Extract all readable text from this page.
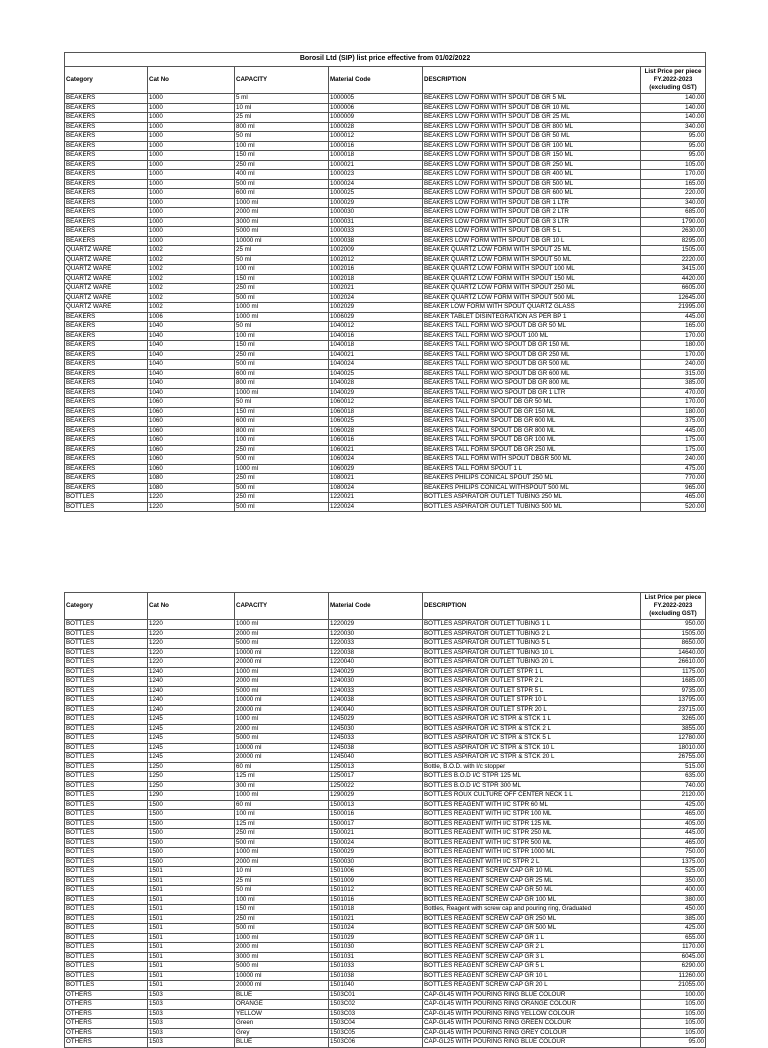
Borosil Ltd (SIP) list price effective from 01/02/2022					
Category	Cat No	CAPACITY	Material Code	DESCRIPTION	List Price per piece FY.2022-2023 (excluding GST)
BEAKERS	1000	5 ml	1000005	BEAKERS LOW FORM WITH SPOUT DB GR 5 ML	140.00
BEAKERS	1000	10 ml	1000006	BEAKERS LOW FORM WITH SPOUT DB GR 10 ML	140.00
BEAKERS	1000	25 ml	1000009	BEAKERS LOW FORM WITH SPOUT DB GR 25 ML	140.00
BEAKERS	1000	800 ml	1000028	BEAKERS LOW FORM WITH SPOUT DB GR 800 ML	340.00
BEAKERS	1000	50 ml	1000012	BEAKERS LOW FORM WITH SPOUT DB GR 50 ML	95.00
BEAKERS	1000	100 ml	1000016	BEAKERS LOW FORM WITH SPOUT DB GR 100 ML	95.00
BEAKERS	1000	150 ml	1000018	BEAKERS LOW FORM WITH SPOUT DB GR 150 ML	95.00
BEAKERS	1000	250 ml	1000021	BEAKERS LOW FORM WITH SPOUT DB GR 250 ML	105.00
BEAKERS	1000	400 ml	1000023	BEAKERS LOW FORM WITH SPOUT DB GR 400 ML	170.00
BEAKERS	1000	500 ml	1000024	BEAKERS LOW FORM WITH SPOUT DB GR 500 ML	165.00
BEAKERS	1000	600 ml	1000025	BEAKERS LOW FORM WITH SPOUT DB GR 600 ML	220.00
BEAKERS	1000	1000 ml	1000029	BEAKERS LOW FORM WITH SPOUT DB GR 1 LTR	340.00
BEAKERS	1000	2000 ml	1000030	BEAKERS LOW FORM WITH SPOUT DB GR 2 LTR	685.00
BEAKERS	1000	3000 ml	1000031	BEAKERS LOW FORM WITH SPOUT DB GR 3 LTR	1790.00
BEAKERS	1000	5000 ml	1000033	BEAKERS LOW FORM WITH SPOUT DB GR 5 L	2630.00
BEAKERS	1000	10000 ml	1000038	BEAKERS LOW FORM WITH SPOUT DB GR 10 L	8295.00
QUARTZ WARE	1002	25 ml	1002009	BEAKER QUARTZ LOW FORM WITH SPOUT 25 ML	1505.00
QUARTZ WARE	1002	50 ml	1002012	BEAKER QUARTZ LOW FORM WITH SPOUT 50 ML	2220.00
QUARTZ WARE	1002	100 ml	1002016	BEAKER QUARTZ LOW FORM WITH SPOUT 100 ML	3415.00
QUARTZ WARE	1002	150 ml	1002018	BEAKER QUARTZ LOW FORM WITH SPOUT 150 ML	4420.00
QUARTZ WARE	1002	250 ml	1002021	BEAKER QUARTZ LOW FORM WITH SPOUT 250 ML	6605.00
QUARTZ WARE	1002	500 ml	1002024	BEAKER QUARTZ LOW FORM WITH SPOUT 500 ML	12645.00
QUARTZ WARE	1002	1000 ml	1002029	BEAKER LOW FORM WITH SPOUT QUARTZ GLASS	21995.00
BEAKERS	1006	1000 ml	1006029	BEAKER TABLET DISINTEGRATION AS PER BP 1	445.00
BEAKERS	1040	50 ml	1040012	BEAKERS TALL FORM W/O SPOUT DB GR 50 ML	165.00
BEAKERS	1040	100 ml	1040016	BEAKERS TALL FORM W/O SPOUT 100 ML	170.00
BEAKERS	1040	150 ml	1040018	BEAKERS TALL FORM W/O SPOUT DB GR 150 ML	180.00
BEAKERS	1040	250 ml	1040021	BEAKERS TALL FORM W/O SPOUT DB GR 250 ML	170.00
BEAKERS	1040	500 ml	1040024	BEAKERS TALL FORM W/O SPOUT DB GR 500 ML	240.00
BEAKERS	1040	600 ml	1040025	BEAKERS TALL FORM W/O SPOUT DB GR 600 ML	315.00
BEAKERS	1040	800 ml	1040028	BEAKERS TALL FORM W/O SPOUT DB GR 800 ML	385.00
BEAKERS	1040	1000 ml	1040029	BEAKERS TALL FORM W/O SPOUT DB GR 1 LTR	470.00
BEAKERS	1060	50 ml	1060012	BEAKERS TALL FORM SPOUT DB GR 50 ML	170.00
BEAKERS	1060	150 ml	1060018	BEAKERS TALL FORM SPOUT DB GR 150 ML	180.00
BEAKERS	1060	600 ml	1060025	BEAKERS TALL FORM SPOUT DB GR 600 ML	375.00
BEAKERS	1060	800 ml	1060028	BEAKERS TALL FORM SPOUT DB GR 800 ML	445.00
BEAKERS	1060	100 ml	1060016	BEAKERS TALL FORM SPOUT DB GR 100 ML	175.00
BEAKERS	1060	250 ml	1060021	BEAKERS TALL FORM SPOUT DB GR 250 ML	175.00
BEAKERS	1060	500 ml	1060024	BEAKERS TALL FORM WITH SPOUT DBGR 500 ML	240.00
BEAKERS	1060	1000 ml	1060029	BEAKERS TALL FORM SPOUT 1 L	475.00
BEAKERS	1080	250 ml	1080021	BEAKERS PHILIPS CONICAL SPOUT 250 ML	770.00
BEAKERS	1080	500 ml	1080024	BEAKERS PHILIPS CONICAL WITHSPOUT 500 ML	965.00
BOTTLES	1220	250 ml	1220021	BOTTLES ASPIRATOR OUTLET TUBING 250 ML	465.00
BOTTLES	1220	500 ml	1220024	BOTTLES ASPIRATOR OUTLET TUBING 500 ML	520.00
Category	Cat No	CAPACITY	Material Code	DESCRIPTION	List Price per piece FY.2022-2023 (excluding GST)
BOTTLES	1220	1000 ml	1220029	BOTTLES ASPIRATOR OUTLET TUBING 1 L	950.00
BOTTLES	1220	2000 ml	1220030	BOTTLES ASPIRATOR OUTLET TUBING 2 L	1505.00
BOTTLES	1220	5000 ml	1220033	BOTTLES ASPIRATOR OUTLET TUBING 5 L	8650.00
BOTTLES	1220	10000 ml	1220038	BOTTLES ASPIRATOR OUTLET TUBING 10 L	14640.00
BOTTLES	1220	20000 ml	1220040	BOTTLES ASPIRATOR OUTLET TUBING 20 L	26610.00
BOTTLES	1240	1000 ml	1240029	BOTTLES ASPIRATOR OUTLET STPR 1 L	1175.00
BOTTLES	1240	2000 ml	1240030	BOTTLES ASPIRATOR OUTLET STPR 2 L	1685.00
BOTTLES	1240	5000 ml	1240033	BOTTLES ASPIRATOR OUTLET STPR 5 L	9735.00
BOTTLES	1240	10000 ml	1240038	BOTTLES ASPIRATOR OUTLET STPR 10 L	13795.00
BOTTLES	1240	20000 ml	1240040	BOTTLES ASPIRATOR OUTLET STPR 20 L	23715.00
BOTTLES	1245	1000 ml	1245029	BOTTLES ASPIRATOR I/C STPR & STCK 1 L	3265.00
BOTTLES	1245	2000 ml	1245030	BOTTLES ASPIRATOR I/C STPR & STCK 2 L	3855.00
BOTTLES	1245	5000 ml	1245033	BOTTLES ASPIRATOR I/C STPR & STCK 5 L	12780.00
BOTTLES	1245	10000 ml	1245038	BOTTLES ASPIRATOR I/C STPR & STCK 10 L	18010.00
BOTTLES	1245	20000 ml	1245040	BOTTLES ASPIRATOR I/C STPR & STCK 20 L	26755.00
BOTTLES	1250	60 ml	1250013	Bottle, B.O.D. with I/c stopper	515.00
BOTTLES	1250	125 ml	1250017	BOTTLES B.O.D I/C STPR 125 ML	635.00
BOTTLES	1250	300 ml	1250022	BOTTLES B.O.D I/C STPR 300 ML	740.00
BOTTLES	1290	1000 ml	1290029	BOTTLES ROUX CULTURE OFF CENTER NECK 1 L	2120.00
BOTTLES	1500	60 ml	1500013	BOTTLES REAGENT WITH I/C STPR 60 ML	425.00
BOTTLES	1500	100 ml	1500016	BOTTLES REAGENT WITH I/C STPR 100 ML	465.00
BOTTLES	1500	125 ml	1500017	BOTTLES REAGENT WITH I/C STPR 125 ML	405.00
BOTTLES	1500	250 ml	1500021	BOTTLES REAGENT WITH I/C STPR 250 ML	445.00
BOTTLES	1500	500 ml	1500024	BOTTLES REAGENT WITH I/C STPR 500 ML	465.00
BOTTLES	1500	1000 ml	1500029	BOTTLES REAGENT WITH I/C STPR 1000 ML	750.00
BOTTLES	1500	2000 ml	1500030	BOTTLES REAGENT WITH I/C STPR 2 L	1375.00
BOTTLES	1501	10 ml	1501006	BOTTLES REAGENT SCREW CAP GR 10 ML	525.00
BOTTLES	1501	25 ml	1501009	BOTTLES REAGENT SCREW CAP GR 25 ML	350.00
BOTTLES	1501	50 ml	1501012	BOTTLES REAGENT SCREW CAP GR 50 ML	400.00
BOTTLES	1501	100 ml	1501016	BOTTLES REAGENT SCREW CAP GR 100 ML	380.00
BOTTLES	1501	150 ml	1501018	Bottles, Reagent with screw cap and pouring ring, Graduated	450.00
BOTTLES	1501	250 ml	1501021	BOTTLES REAGENT SCREW CAP GR 250 ML	385.00
BOTTLES	1501	500 ml	1501024	BOTTLES REAGENT SCREW CAP GR 500 ML	425.00
BOTTLES	1501	1000 ml	1501029	BOTTLES REAGENT SCREW CAP GR 1 L	655.00
BOTTLES	1501	2000 ml	1501030	BOTTLES REAGENT SCREW CAP GR 2 L	1170.00
BOTTLES	1501	3000 ml	1501031	BOTTLES REAGENT SCREW CAP GR 3 L	6045.00
BOTTLES	1501	5000 ml	1501033	BOTTLES REAGENT SCREW CAP GR 5 L	6290.00
BOTTLES	1501	10000 ml	1501038	BOTTLES REAGENT SCREW CAP GR 10 L	11260.00
BOTTLES	1501	20000 ml	1501040	BOTTLES REAGENT SCREW CAP GR 20 L	21055.00
OTHERS	1503	BLUE	1503C01	CAP-GL45 WITH POURING RING BLUE COLOUR	100.00
OTHERS	1503	ORANGE	1503C02	CAP-GL45 WITH POURING RING ORANGE COLOUR	105.00
OTHERS	1503	YELLOW	1503C03	CAP-GL45 WITH POURING RING YELLOW COLOUR	105.00
OTHERS	1503	Green	1503C04	CAP-GL45 WITH POURING RING GREEN COLOUR	105.00
OTHERS	1503	Grey	1503C05	CAP-GL45 WITH POURING RING GREY COLOUR	105.00
OTHERS	1503	BLUE	1503C06	CAP-GL25 WITH POURING RING BLUE COLOUR	95.00
